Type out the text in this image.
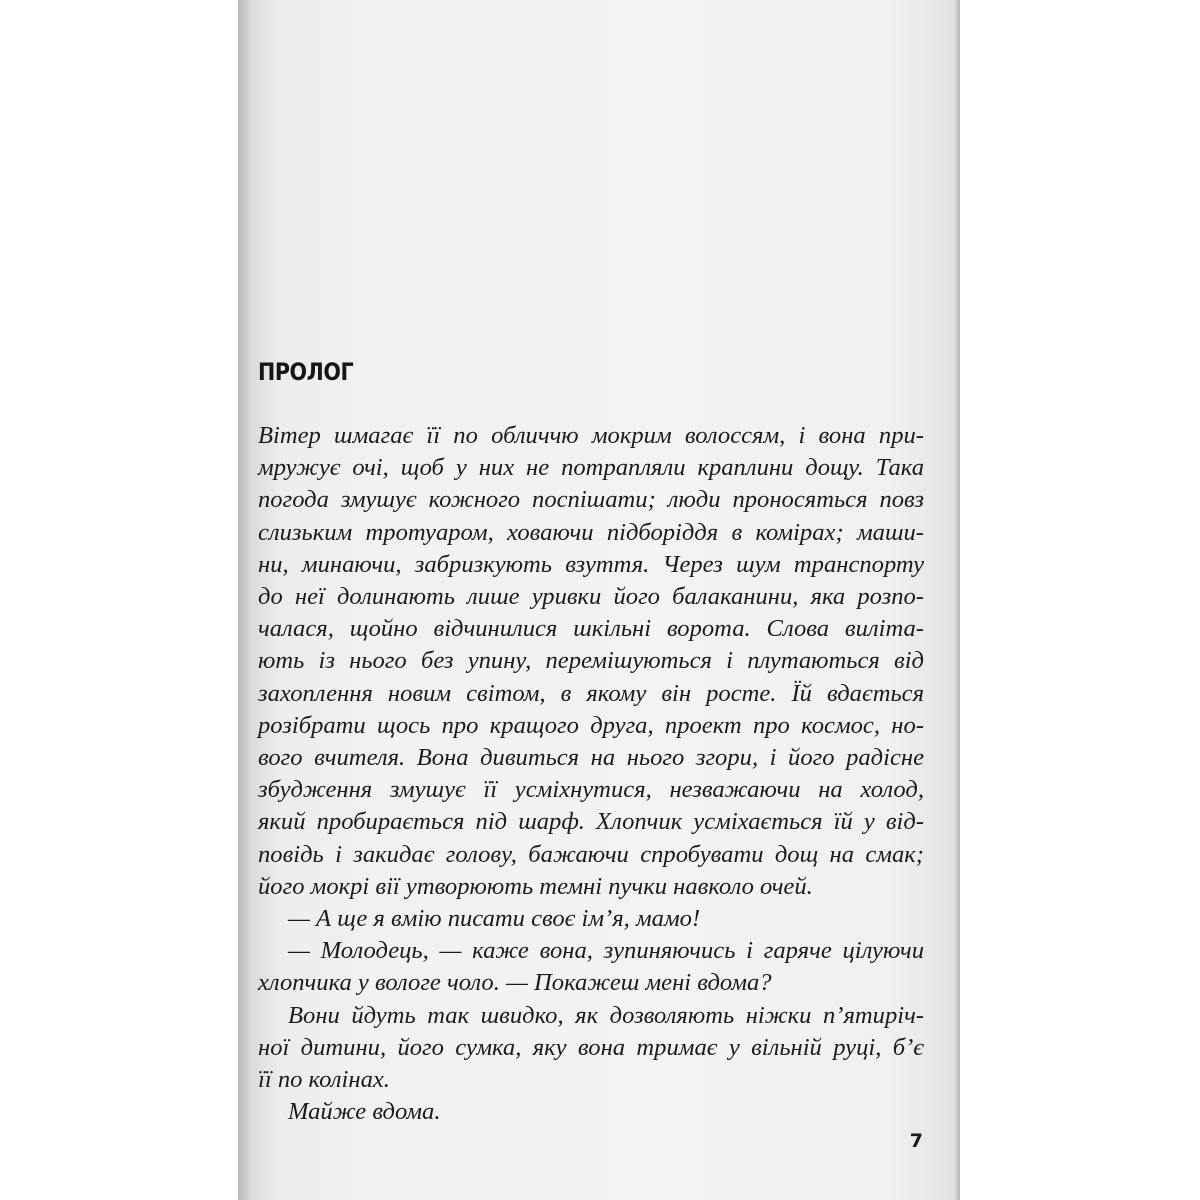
ПРОЛОГ
Вітер шмагає її по обличчю мокрим волоссям, і вона при-
мружує очі, щоб у них не потрапляли краплини дощу. Така
погода змушує кожного поспішати; люди проносяться повз
слизьким тротуаром, ховаючи підборіддя в комірах; маши-
ни, минаючи, забризкують взуття. Через шум транспорту
до неї долинають лише уривки його балаканини, яка розпо-
чалася, щойно відчинилися шкільні ворота. Слова виліта-
ють із нього без упину, перемішуються і плутаються від
захоплення новим світом, в якому він росте. Їй вдається
розібрати щось про кращого друга, проект про космос, но-
вого вчителя. Вона дивиться на нього згори, і його радісне
збудження змушує її усміхнутися, незважаючи на холод,
який пробирається під шарф. Хлопчик усміхається їй у від-
повідь і закидає голову, бажаючи спробувати дощ на смак;
його мокрі вії утворюють темні пучки навколо очей.
— А ще я вмію писати своє ім’я, мамо!
— Молодець, — каже вона, зупиняючись і гаряче цілуючи
хлопчика у вологе чоло. — Покажеш мені вдома?
Вони йдуть так швидко, як дозволяють ніжки п’ятиріч-
ної дитини, його сумка, яку вона тримає у вільній руці, б’є
її по колінах.
Майже вдома.
7
